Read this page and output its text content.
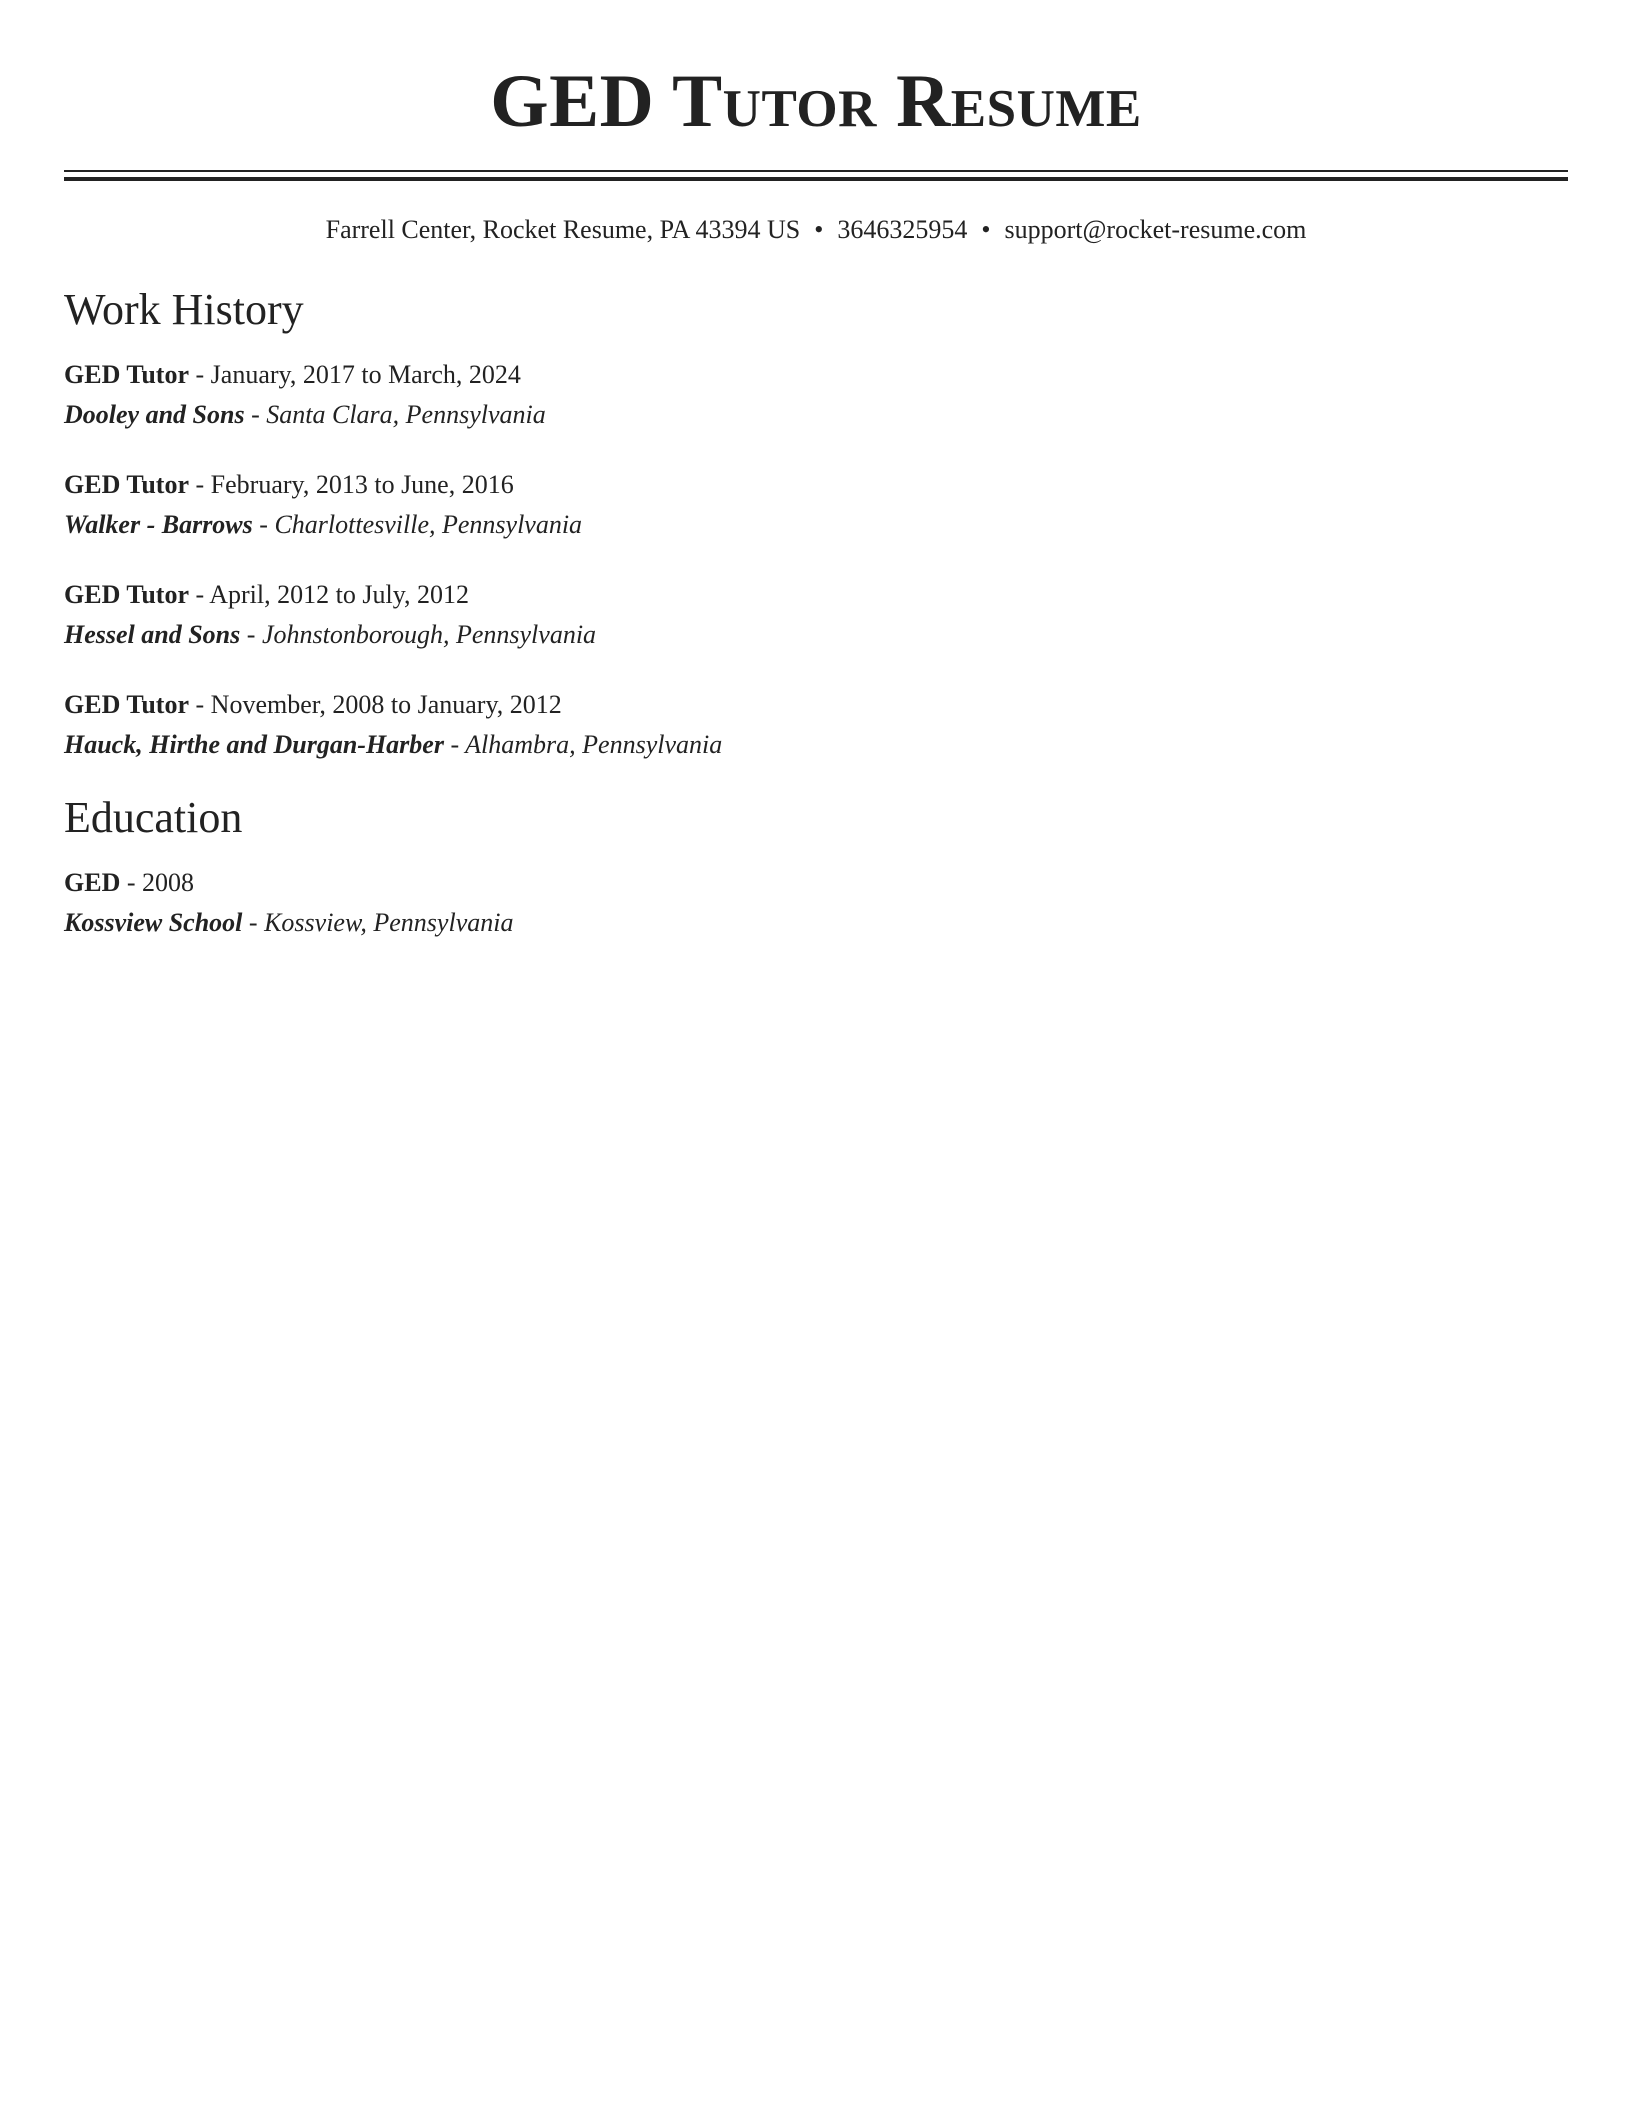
GED Tutor Resume
Farrell Center, Rocket Resume, PA 43394 US • 3646325954 • support@rocket-resume.com
Work History
GED Tutor - January, 2017 to March, 2024
Dooley and Sons - Santa Clara, Pennsylvania
GED Tutor - February, 2013 to June, 2016
Walker - Barrows - Charlottesville, Pennsylvania
GED Tutor - April, 2012 to July, 2012
Hessel and Sons - Johnstonborough, Pennsylvania
GED Tutor - November, 2008 to January, 2012
Hauck, Hirthe and Durgan-Harber - Alhambra, Pennsylvania
Education
GED - 2008
Kossview School - Kossview, Pennsylvania
